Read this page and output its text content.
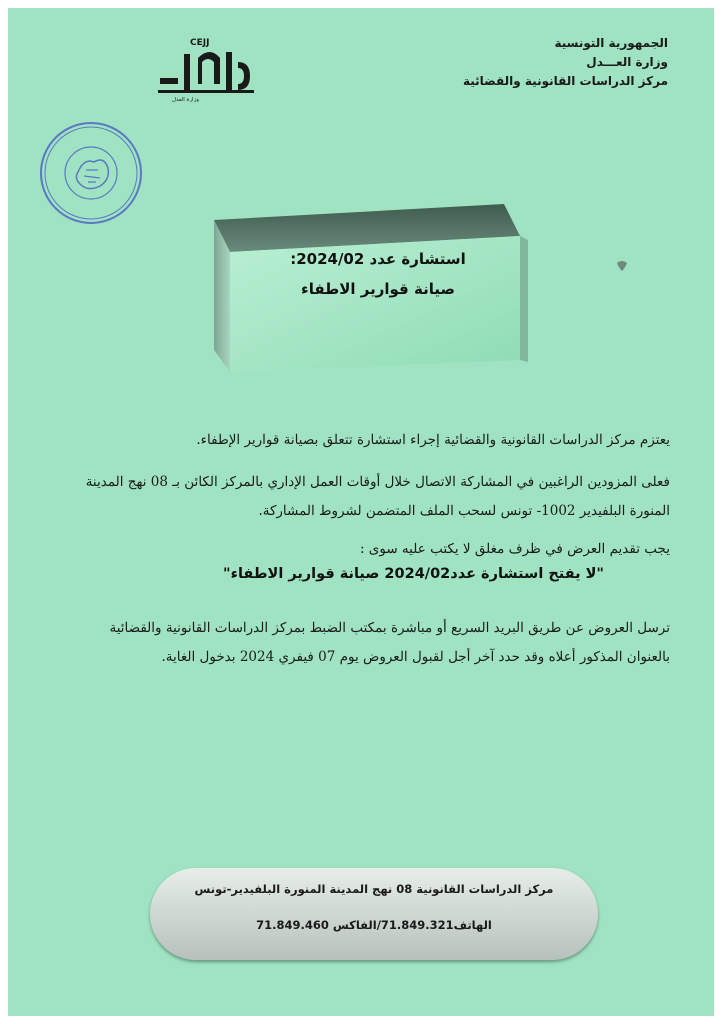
الجمهورية التونسية
وزارة العـــدل
مركز الدراسات القانونية والقضائية
CEJJ
وزارة العدل
استشارة عدد 2024/02:
صيانة قوارير الاطفاء

يعتزم مركز الدراسات القانونية والقضائية إجراء استشارة تتعلق بصيانة قوارير الإطفاء.

فعلى المزودين الراغبين في المشاركة الاتصال خلال أوقات العمل الإداري بالمركز الكائن بـ 08 نهج المدينة المنورة البلفيدير 1002- تونس لسحب الملف المتضمن لشروط المشاركة.

يجب تقديم العرض في ظرف مغلق لا يكتب عليه سوى :

"لا يفتح استشارة عدد2024/02 صيانة قوارير الاطفاء"

ترسل العروض عن طريق البريد السريع أو مباشرة بمكتب الضبط بمركز الدراسات القانونية والقضائية بالعنوان المذكور أعلاه وقد حدد آخر أجل لقبول العروض يوم 07 فيفري 2024 بدخول الغاية.

مركز الدراسات القانونية 08 نهج المدينة المنورة البلفيدير-تونس
الهاتف71.849.321/الفاكس 71.849.460
